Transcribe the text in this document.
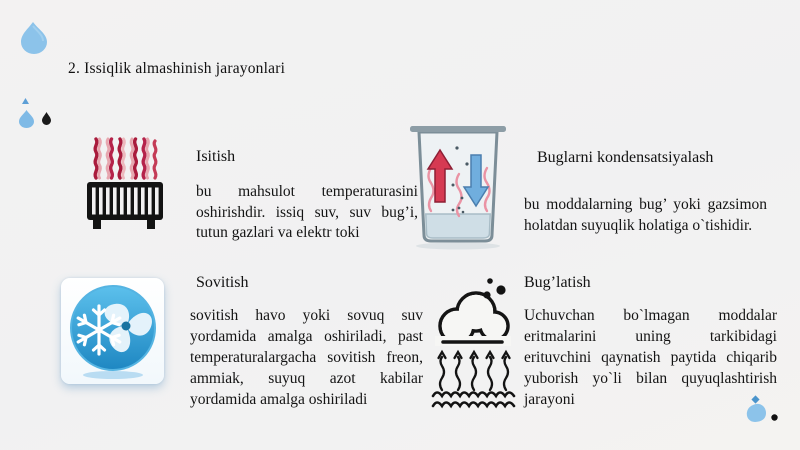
2. Issiqlik almashinish jarayonlari
Isitish

bu mahsulot temperaturasini oshirishdir. issiq suv, suv bug’i, tutun gazlari va elektr toki

Buglarni kondensatsiyalash

bu moddalarning bug’ yoki gazsimon holatdan suyuqlik holatiga o`tishidir.

Sovitish

sovitish havo yoki sovuq suv yordamida amalga oshiriladi, past temperaturalargacha sovitish freon, ammiak, suyuq azot kabilar yordamida amalga oshiriladi

Bug’latish

Uchuvchan bo`lmagan moddalar eritmalarini uning tarkibidagi erituvchini qaynatish paytida chiqarib yuborish yo`li bilan quyuqlashtirish jarayoni
